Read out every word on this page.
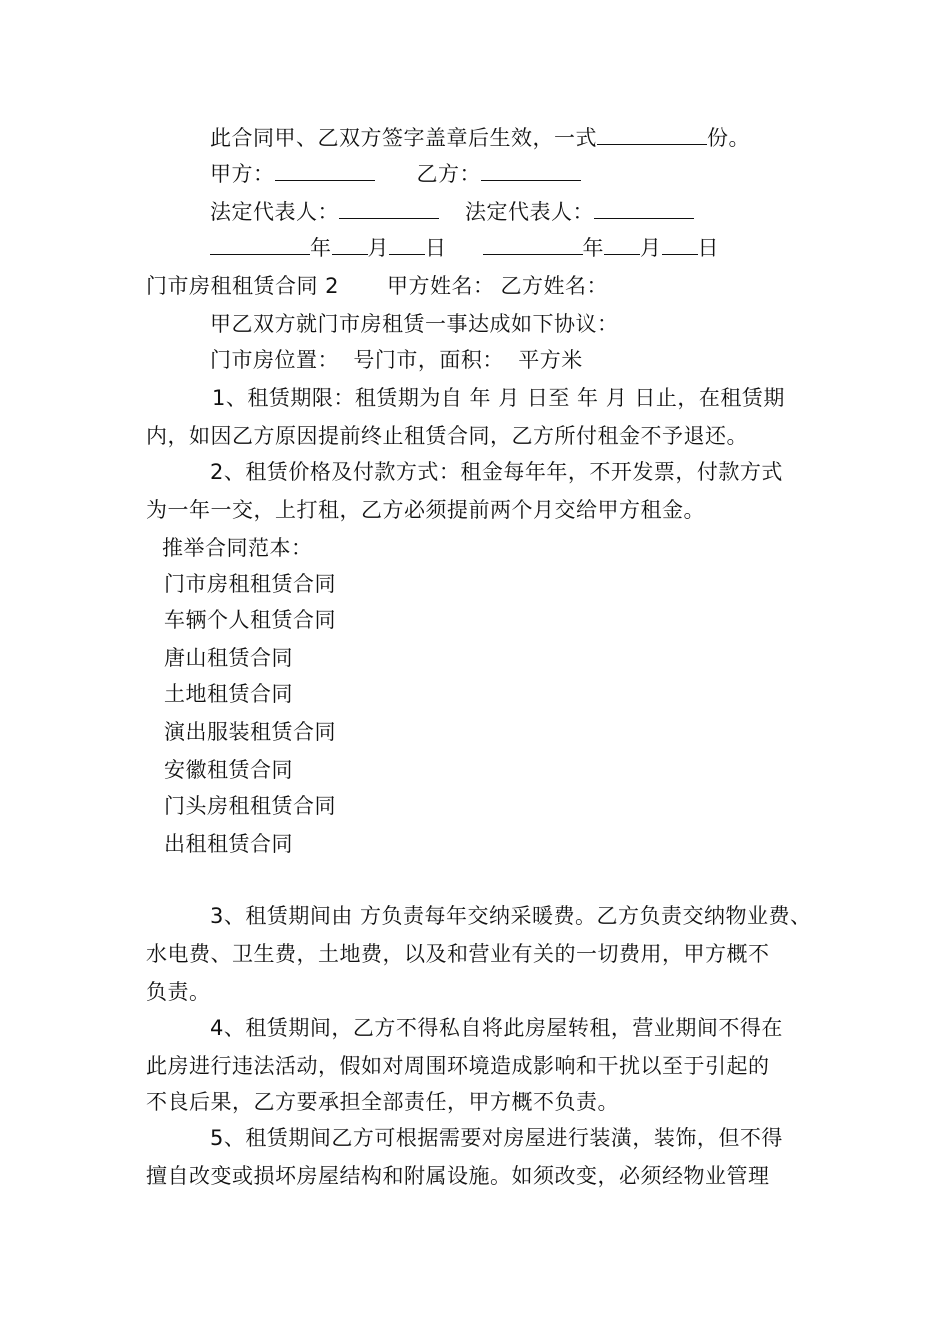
此合同甲、乙双方签字盖章后生效，一式	份。
甲方：	乙方：
法定代表人：	法定代表人：
年 月 日	年 月 日
门市房租租赁合同 2 甲方姓名： 乙方姓名：
甲乙双方就门市房租赁一事达成如下协议：
门市房位置：  号门市，面积：  平方米
1、租赁期限：租赁期为自 年 月 日至 年 月 日止，在租赁期
内，如因乙方原因提前终止租赁合同，乙方所付租金不予退还。
2、租赁价格及付款方式：租金每年年，不开发票，付款方式
为一年一交，上打租，乙方必须提前两个月交给甲方租金。
推举合同范本：
门市房租租赁合同
车辆个人租赁合同
唐山租赁合同
土地租赁合同
演出服装租赁合同
安徽租赁合同
门头房租租赁合同
出租租赁合同
3、租赁期间由 方负责每年交纳采暖费。乙方负责交纳物业费、
水电费、卫生费，土地费，以及和营业有关的一切费用，甲方概不
负责。
4、租赁期间，乙方不得私自将此房屋转租，营业期间不得在
此房进行违法活动，假如对周围环境造成影响和干扰以至于引起的
不良后果，乙方要承担全部责任，甲方概不负责。
5、租赁期间乙方可根据需要对房屋进行装潢，装饰，但不得
擅自改变或损坏房屋结构和附属设施。如须改变，必须经物业管理
